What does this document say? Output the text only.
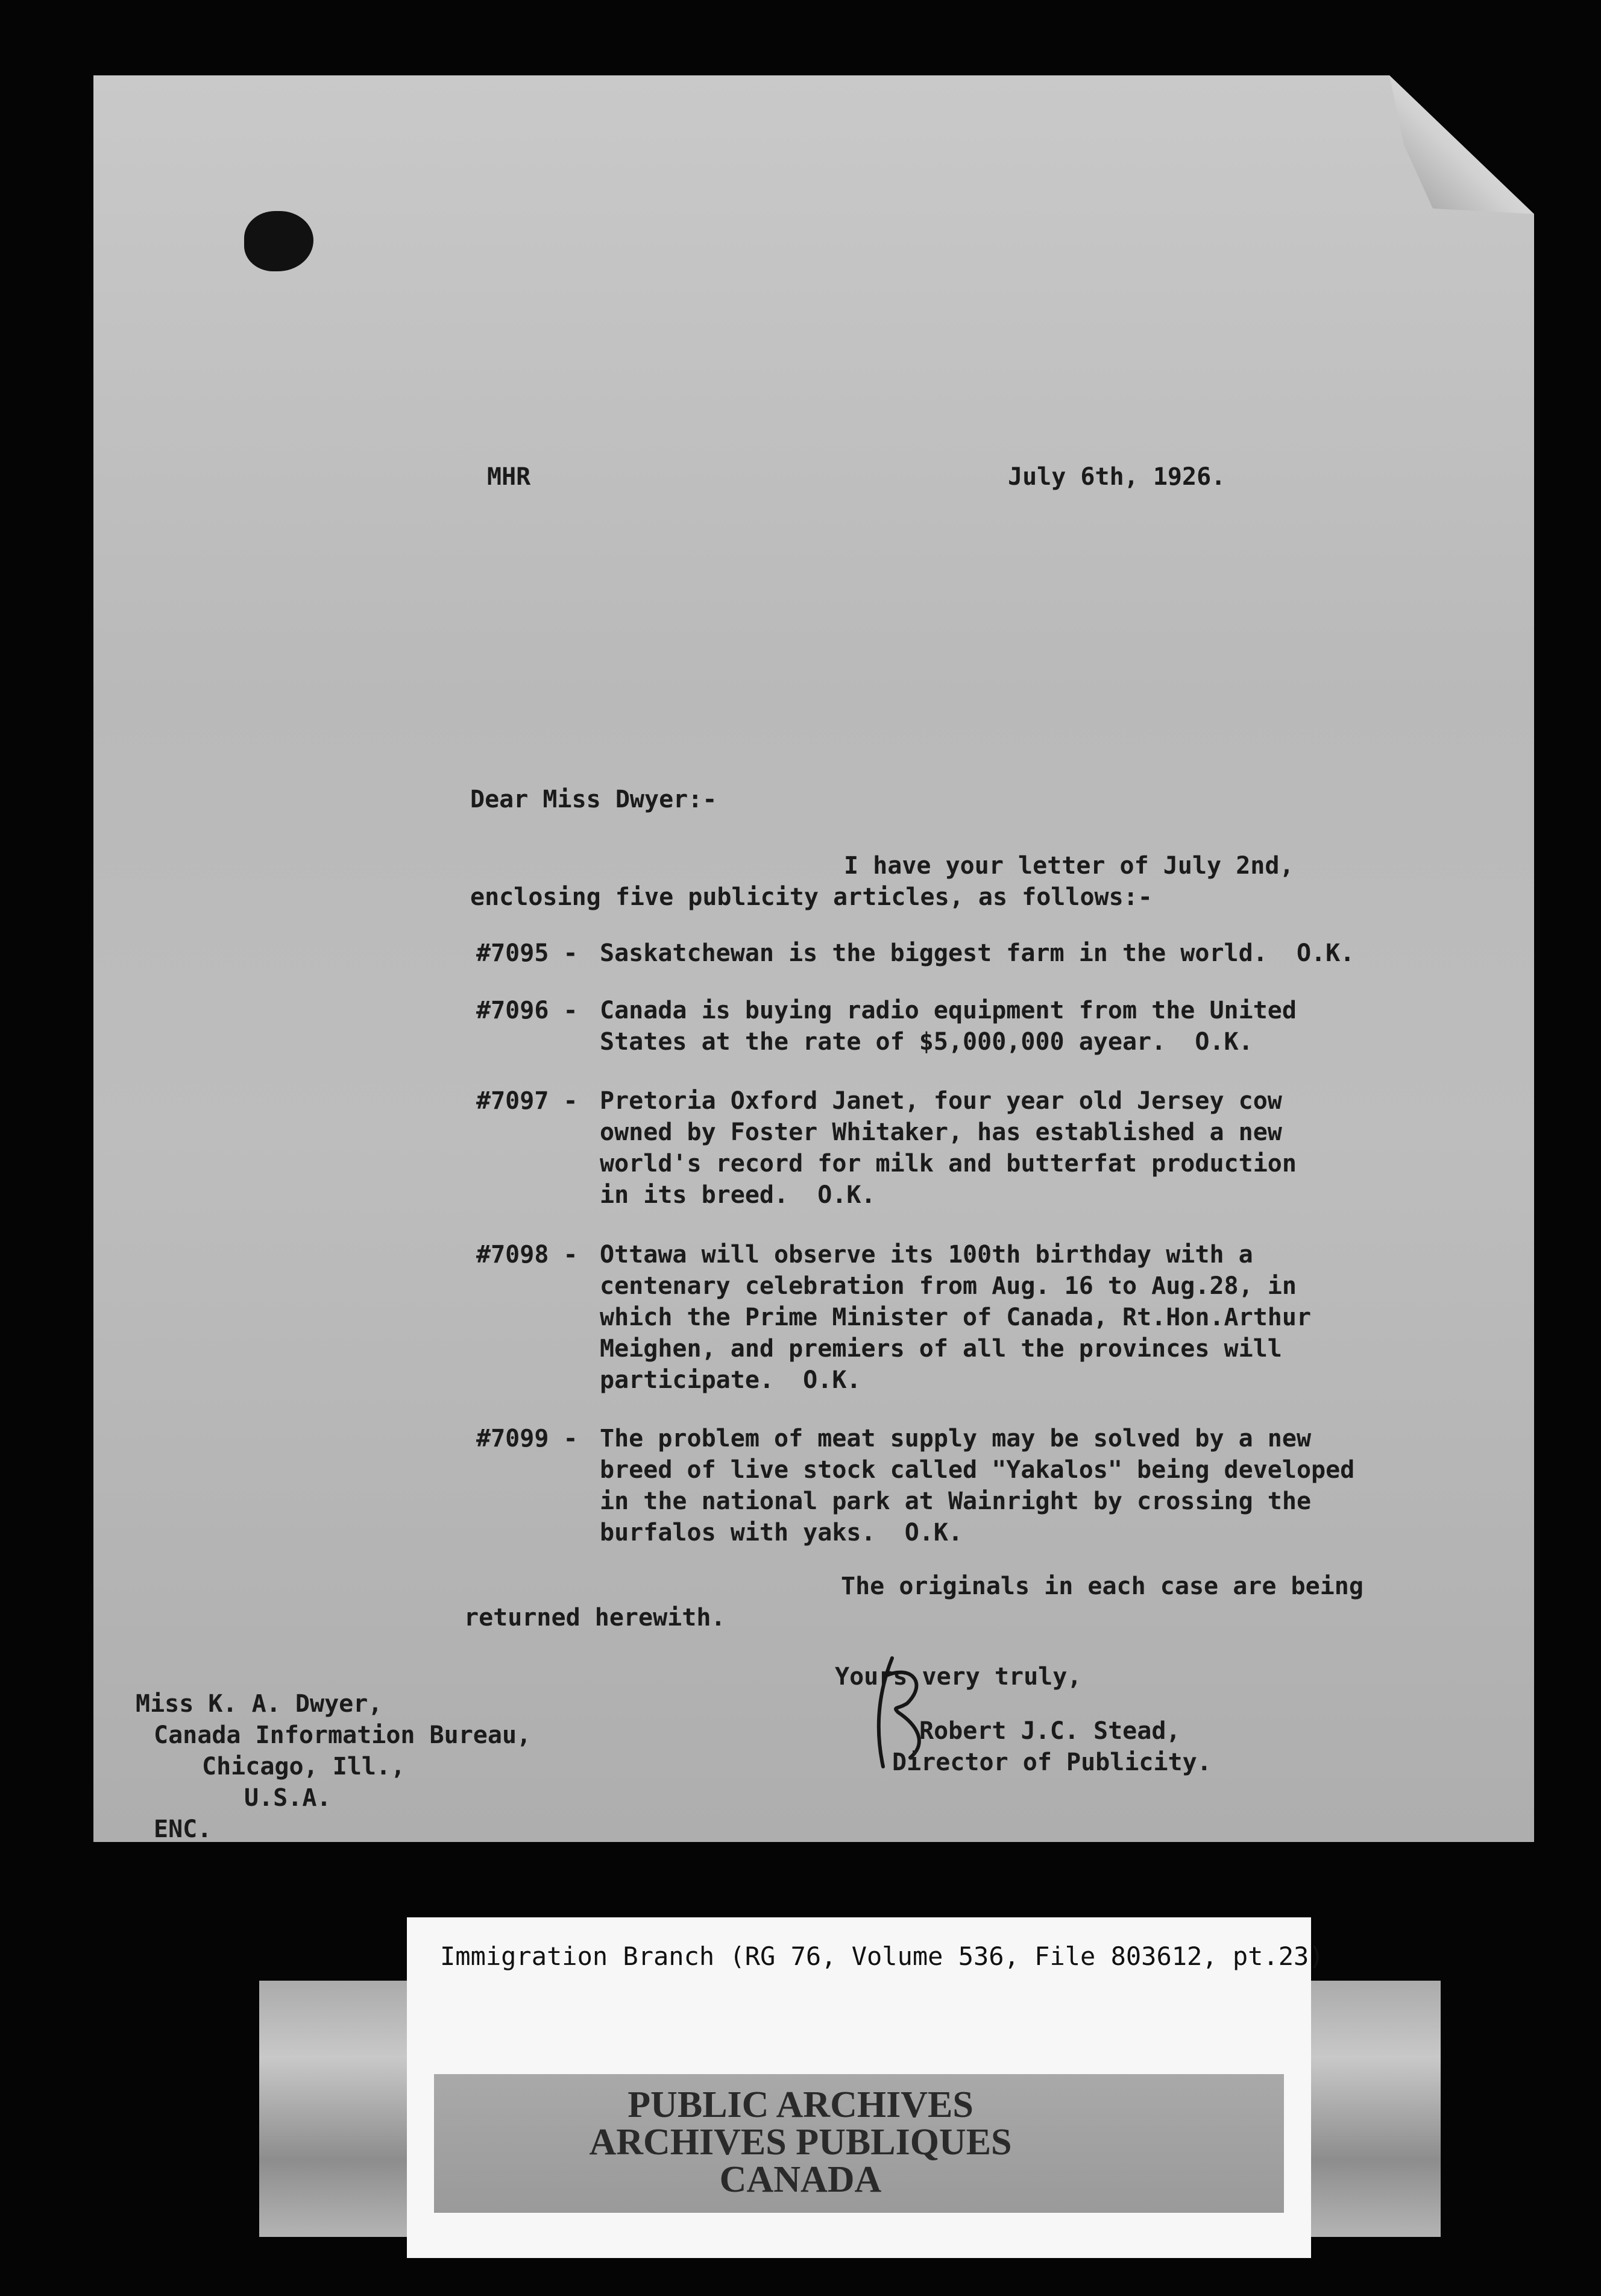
MHR	July 6th, 1926.

Dear Miss Dwyer:-

I have your letter of July 2nd,

enclosing five publicity articles, as follows:-

#7095 -

Saskatchewan is the biggest farm in the world.  O.K.

#7096 -

Canada is buying radio equipment from the United

States at the rate of $5,000,000 ayear.  O.K.

#7097 -

Pretoria Oxford Janet, four year old Jersey cow

owned by Foster Whitaker, has established a new

world's record for milk and butterfat production

in its breed.  O.K.

#7098 -

Ottawa will observe its 100th birthday with a

centenary celebration from Aug. 16 to Aug.28, in

which the Prime Minister of Canada, Rt.Hon.Arthur

Meighen, and premiers of all the provinces will

participate.  O.K.

#7099 -

The problem of meat supply may be solved by a new

breed of live stock called "Yakalos" being developed

in the national park at Wainright by crossing the

burfalos with yaks.  O.K.

The originals in each case are being

returned herewith.

Yours very truly,

Robert J.C. Stead,

Director of Publicity.

Miss K. A. Dwyer,

Canada Information Bureau,

Chicago, Ill.,

U.S.A.

ENC.

Immigration Branch (RG 76, Volume 536, File 803612, pt.23)

PUBLIC ARCHIVES

ARCHIVES PUBLIQUES

CANADA
